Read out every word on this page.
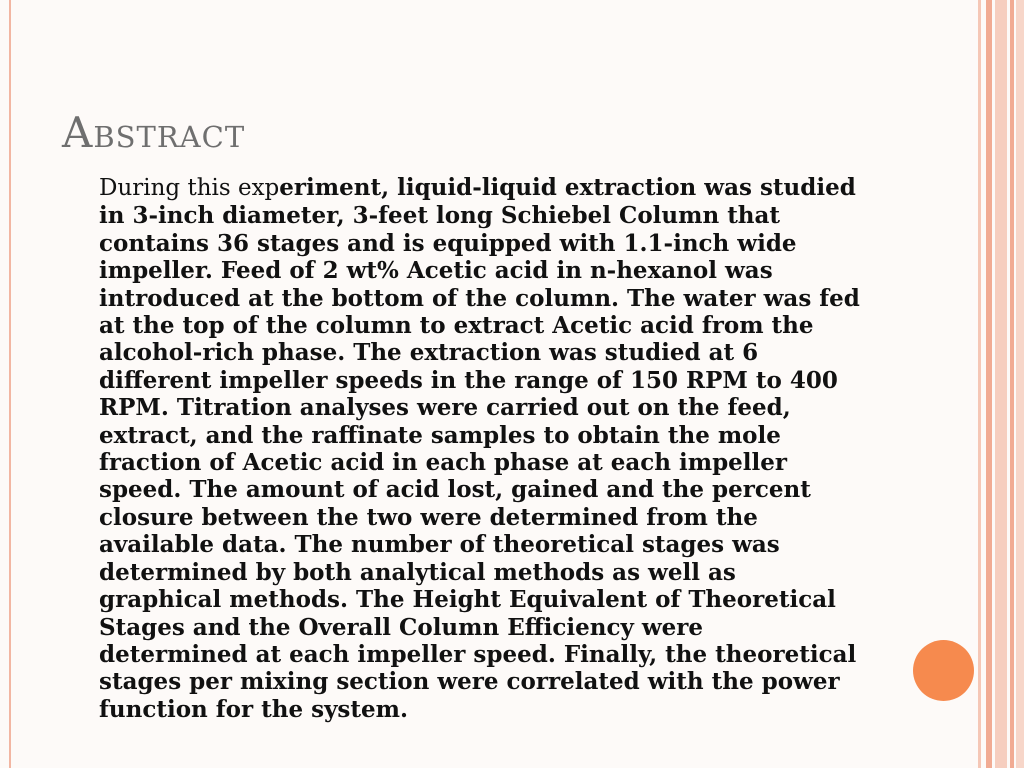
Abstract

During this experiment, liquid-liquid extraction was studied
in 3-inch diameter, 3-feet long Schiebel Column that
contains 36 stages and is equipped with 1.1-inch wide
impeller. Feed of 2 wt% Acetic acid in n-hexanol was
introduced at the bottom of the column. The water was fed
at the top of the column to extract Acetic acid from the
alcohol-rich phase. The extraction was studied at 6
different impeller speeds in the range of 150 RPM to 400
RPM. Titration analyses were carried out on the feed,
extract, and the raffinate samples to obtain the mole
fraction of Acetic acid in each phase at each impeller
speed. The amount of acid lost, gained and the percent
closure between the two were determined from the
available data. The number of theoretical stages was
determined by both analytical methods as well as
graphical methods. The Height Equivalent of Theoretical
Stages and the Overall Column Efficiency were
determined at each impeller speed. Finally, the theoretical
stages per mixing section were correlated with the power
function for the system.
